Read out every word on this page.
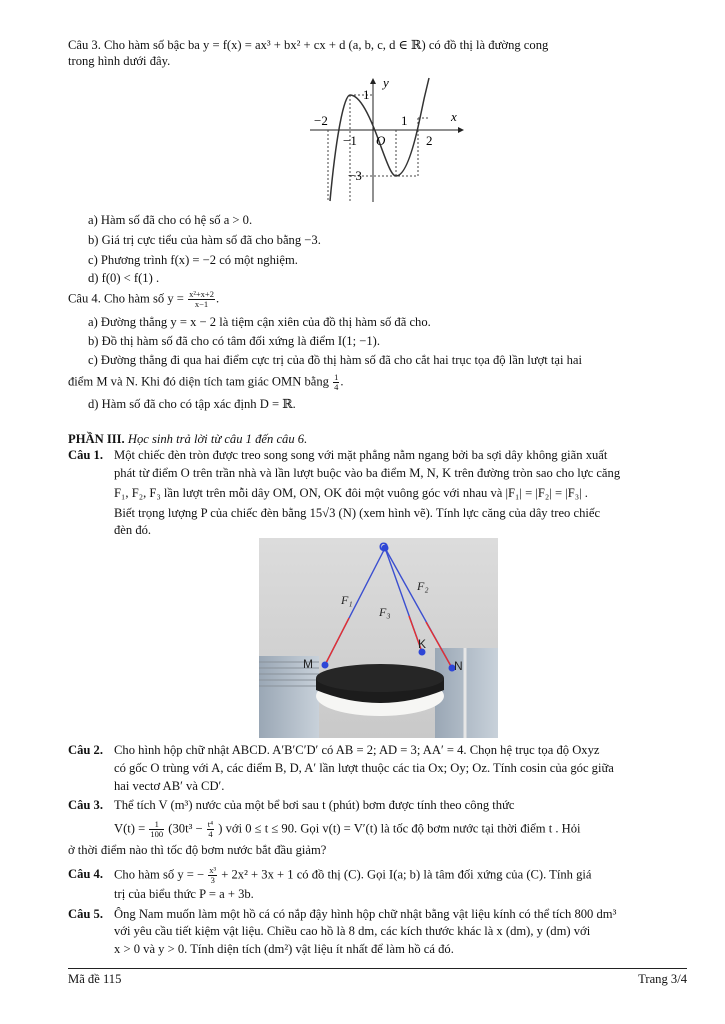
Câu 3. Cho hàm số bậc ba y = f(x) = ax³ + bx² + cx + d (a, b, c, d ∈ ℝ) có đồ thị là đường cong
trong hình dưới đây.
y
x
1
−2	1
−1 O	2
−3
a) Hàm số đã cho có hệ số a > 0.
b) Giá trị cực tiểu của hàm số đã cho bằng −3.
c) Phương trình f(x) = −2 có một nghiệm.
d) f(0) < f(1) .
Câu 4. Cho hàm số $y = \frac{\text{x²+x+2}}{x-1}$ .
a) Đường thẳng y = x − 2 là tiệm cận xiên của đồ thị hàm số đã cho.
b) Đồ thị hàm số đã cho có tâm đối xứng là điểm I(1; −1).
c) Đường thẳng đi qua hai điểm cực trị của đồ thị hàm số đã cho cắt hai trục tọa độ lần lượt tại hai
điểm M và N. Khi đó diện tích tam giác OMN bằng $\frac{1}{4}$ .
d) Hàm số đã cho có tập xác định D = ℝ.
PHẦN III. Học sinh trả lời từ câu 1 đến câu 6.
Câu 1. Một chiếc đèn tròn được treo song song với mặt phẳng nằm ngang bởi ba sợi dây không giãn xuất
phát từ điểm O trên trần nhà và lần lượt buộc vào ba điểm M, N, K trên đường tròn sao cho lực căng
F₁, F₂, F₃ lần lượt trên mỗi dây OM, ON, OK đôi một vuông góc với nhau và |F₁| = |F₂| = |F₃| .
Biết trọng lượng P của chiếc đèn bằng 15√3 (N) (xem hình vẽ). Tính lực căng của dây treo chiếc
đèn đó.
O
F₁
F₂
F₃
M
K
N
Câu 2. Cho hình hộp chữ nhật ABCD. A′B′C′D′ có AB = 2; AD = 3; AA′ = 4. Chọn hệ trục tọa độ Oxyz
có gốc O trùng với A, các điểm B, D, A′ lần lượt thuộc các tia Ox; Oy; Oz. Tính cosin của góc giữa
hai vectơ AB′ và CD′.
Câu 3. Thể tích V (m³) nước của một bể bơi sau t (phút) bơm được tính theo công thức
$V(t) = \frac{1}{100} (30t^3 - \frac{\text{t⁴}}{4}$ ) với 0 ≤ t ≤ 90. Gọi v(t) = V′(t) là tốc độ bơm nước tại thời điểm t . Hỏi
ở thời điểm nào thì tốc độ bơm nước bắt đầu giảm?
Câu 4. Cho hàm số y = − $\frac{\text{x³}}{3} + 2x^2 + 3x + 1$ có đồ thị (C). Gọi I(a; b) là tâm đối xứng của (C). Tính giá
trị của biểu thức P = a + 3b.
Câu 5. Ông Nam muốn làm một hồ cá có nắp đậy hình hộp chữ nhật bằng vật liệu kính có thể tích 800 dm³
với yêu cầu tiết kiệm vật liệu. Chiều cao hồ là 8 dm, các kích thước khác là x (dm), y (dm) với
x > 0 và y > 0. Tính diện tích (dm²) vật liệu ít nhất để làm hồ cá đó.
Mã đề 115	Trang 3/4
